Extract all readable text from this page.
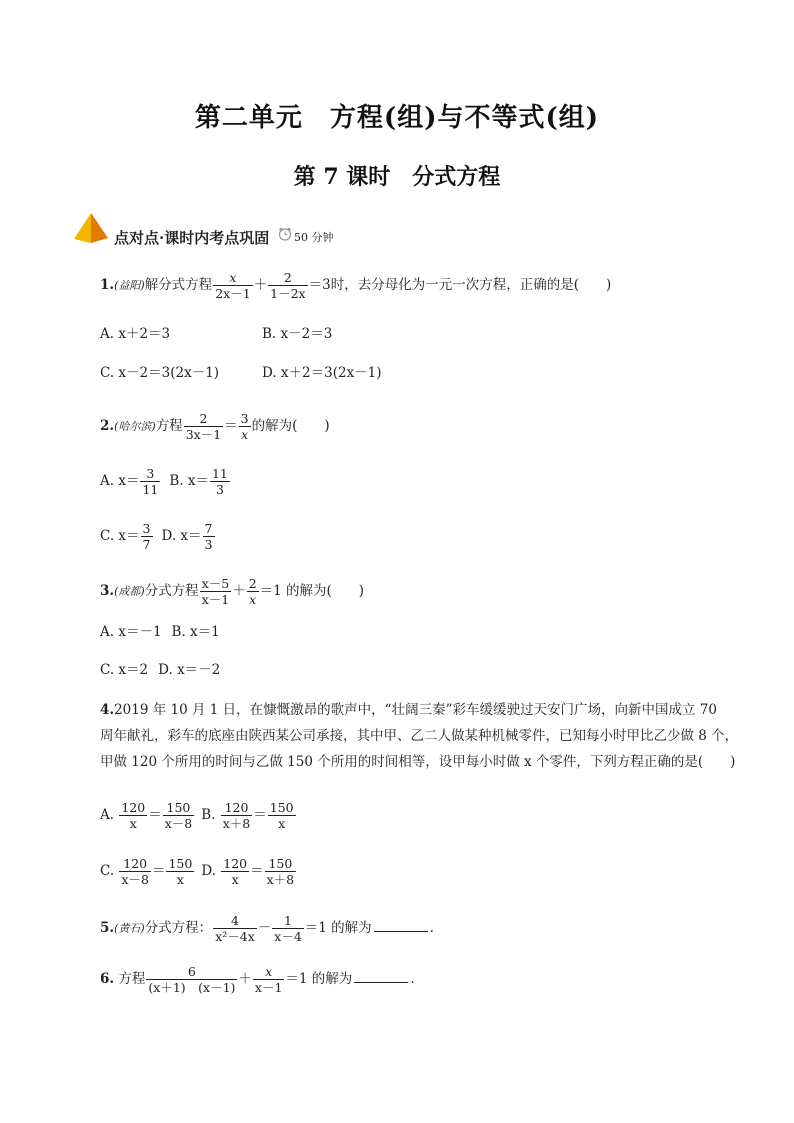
第二单元　方程(组)与不等式(组)
第 7 课时　分式方程
点对点·课时内考点巩固 50 分钟
1.(益阳)解分式方程 $\frac{x}{2x-1} + \frac{2}{1-2x} =3$时，去分母化为一元一次方程，正确的是(　　)
A. x＋2＝3	B. x－2＝3
C. x－2＝3(2x－1)	D. x＋2＝3(2x－1)
2.(哈尔滨)方程 $\frac{2}{3x-1} = \frac{3}{x}$ 的解为(　　)
A. $x= \frac{3}{11} B$. $x= \frac{11}{3}$
C. $x= \frac{3}{7} D$. $x= \frac{7}{3}$
3.(成都)分式方程 $\frac{x-5}{x-1} + \frac{2}{x} =1$ 的解为(　　)
A. x＝－1 B. x＝1
C. x＝2 D. x＝－2
4.2019 年 10 月 1 日，在慷慨激昂的歌声中，“壮阔三秦”彩车缓缓驶过天安门广场，向新中国成立 70
周年献礼，彩车的底座由陕西某公司承接，其中甲、乙二人做某种机械零件，已知每小时甲比乙少做 8 个，
甲做 120 个所用的时间与乙做 150 个所用的时间相等，设甲每小时做 x 个零件，下列方程正确的是(　　)
A. $\frac{120}{x} = \frac{150}{x-8} B$. $\frac{120}{x+8} = \frac{150}{x}$
C. $\frac{120}{x-8} = \frac{150}{x} D$. $\frac{120}{x} = \frac{150}{x+8}$
5.(黄石)分式方程： $\frac{4}{\text{x²－4x}} - \frac{1}{x-4} =1$ 的解为	.
6. 方程 $\frac{6}{(x+1) (x-1)} + \frac{x}{x-1} =1$ 的解为	.
